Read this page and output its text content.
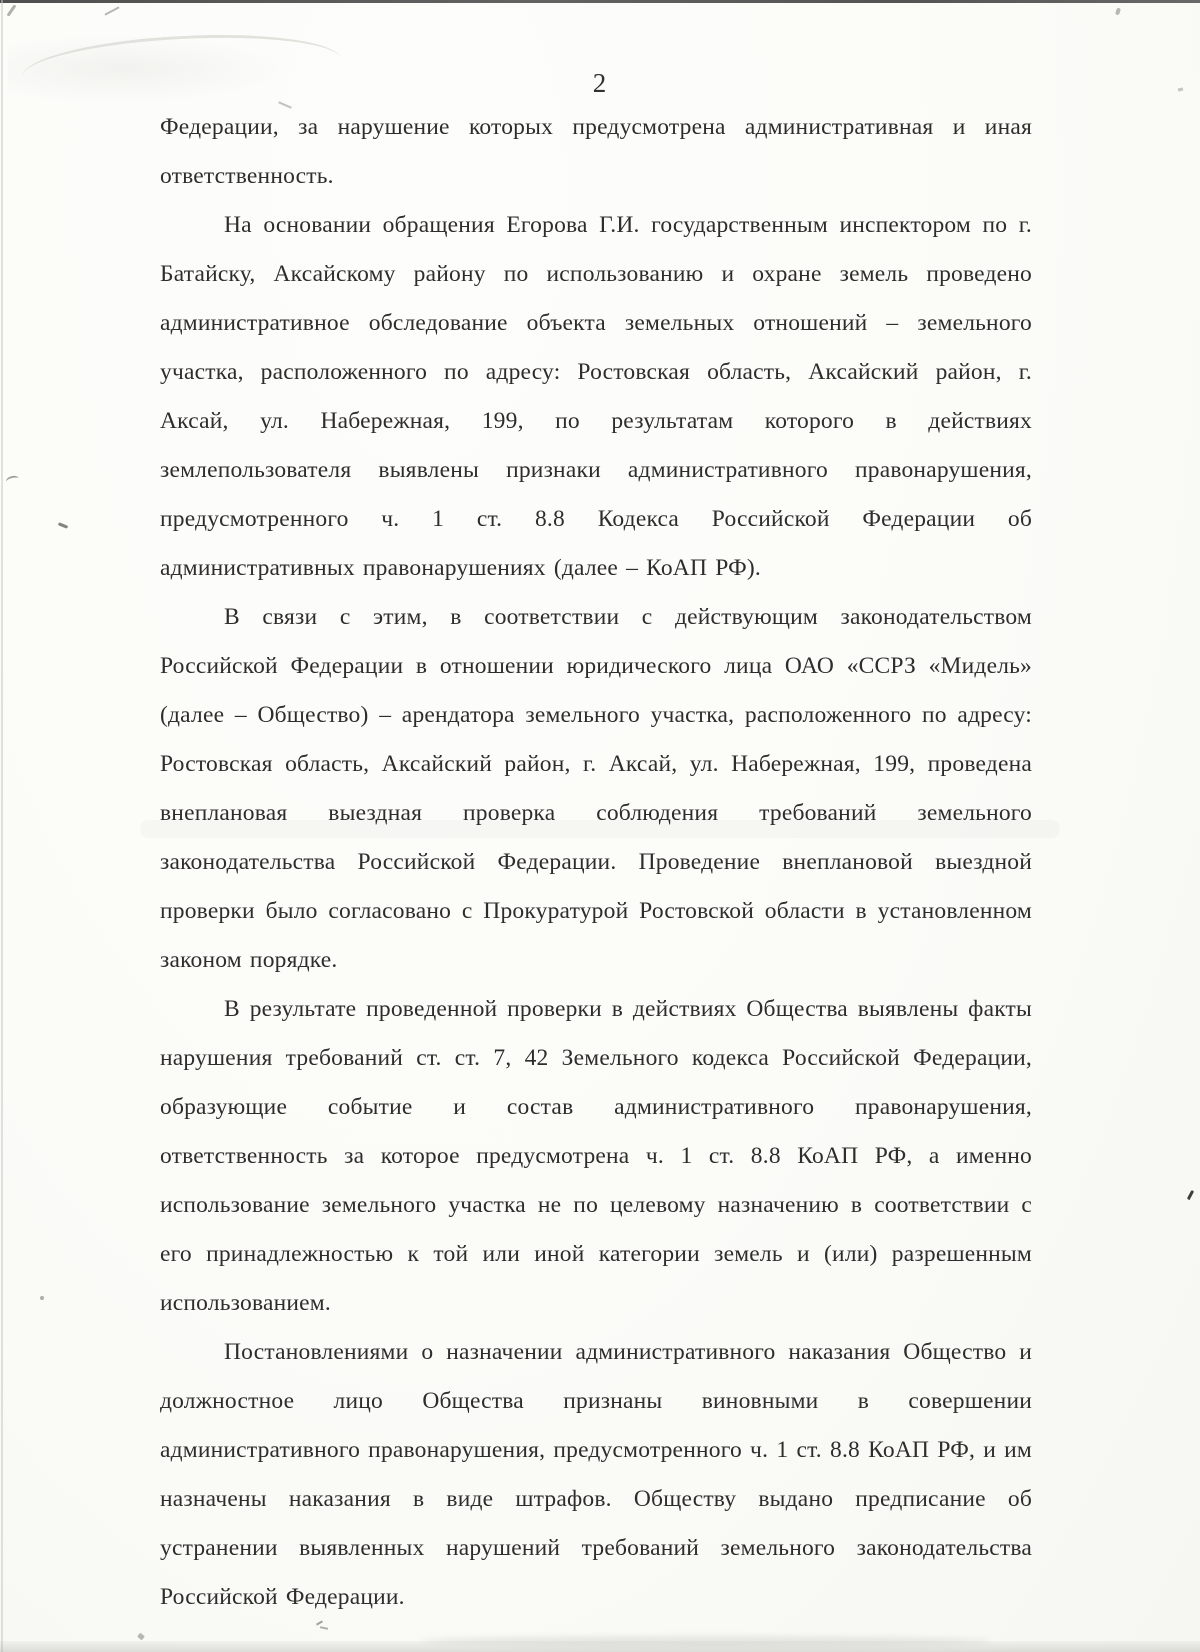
2

Федерации, за нарушение которых предусмотрена административная и иная ответственность.

На основании обращения Егорова Г.И. государственным инспектором по г. Батайску, Аксайскому району по использованию и охране земель проведено административное обследование объекта земельных отношений – земельного участка, расположенного по адресу: Ростовская область, Аксайский район, г. Аксай, ул. Набережная, 199, по результатам которого в действиях землепользователя выявлены признаки административного правонарушения, предусмотренного ч. 1 ст. 8.8 Кодекса Российской Федерации об административных правонарушениях (далее – КоАП РФ).

В связи с этим, в соответствии с действующим законодательством Российской Федерации в отношении юридического лица ОАО «ССРЗ «Мидель» (далее – Общество) – арендатора земельного участка, расположенного по адресу: Ростовская область, Аксайский район, г. Аксай, ул. Набережная, 199, проведена внеплановая выездная проверка соблюдения требований земельного законодательства Российской Федерации. Проведение внеплановой выездной проверки было согласовано с Прокуратурой Ростовской области в установленном законом порядке.

В результате проведенной проверки в действиях Общества выявлены факты нарушения требований ст. ст. 7, 42 Земельного кодекса Российской Федерации, образующие событие и состав административного правонарушения, ответственность за которое предусмотрена ч. 1 ст. 8.8 КоАП РФ, а именно использование земельного участка не по целевому назначению в соответствии с его принадлежностью к той или иной категории земель и (или) разрешенным использованием.

Постановлениями о назначении административного наказания Общество и должностное лицо Общества признаны виновными в совершении административного правонарушения, предусмотренного ч. 1 ст. 8.8 КоАП РФ, и им назначены наказания в виде штрафов. Обществу выдано предписание об устранении выявленных нарушений требований земельного законодательства Российской Федерации.
